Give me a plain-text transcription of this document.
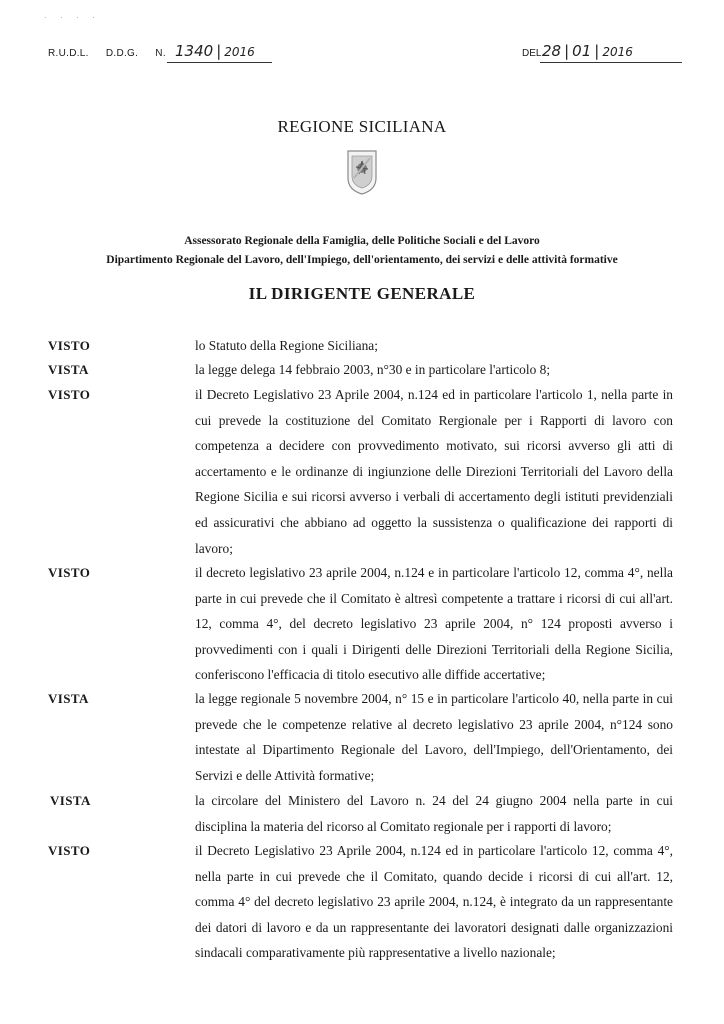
· · · ·
R.U.D.L. D.D.G. N. 1340 | 2016	DEL 28 | 01 | 2016
REGIONE SICILIANA
Assessorato Regionale della Famiglia, delle Politiche Sociali e del Lavoro
Dipartimento Regionale del Lavoro, dell'Impiego, dell'orientamento, dei servizi e delle attività formative
IL DIRIGENTE GENERALE
VISTO	lo Statuto della Regione Siciliana;
VISTA	la legge delega 14 febbraio 2003, n°30 e in particolare l'articolo 8;
VISTO	il Decreto Legislativo 23 Aprile 2004, n.124 ed in particolare l'articolo 1, nella parte in cui prevede la costituzione del Comitato Rergionale per i Rapporti di lavoro con competenza a decidere con provvedimento motivato, sui ricorsi avverso gli atti di accertamento e le ordinanze di ingiunzione delle Direzioni Territoriali del Lavoro della Regione Sicilia e sui ricorsi avverso i verbali di accertamento degli istituti previdenziali ed assicurativi che abbiano ad oggetto la sussistenza o qualificazione dei rapporti di lavoro;
VISTO	il decreto legislativo 23 aprile 2004, n.124 e in particolare l'articolo 12, comma 4°, nella parte in cui prevede che il Comitato è altresì competente a trattare i ricorsi di cui all'art. 12, comma 4°, del decreto legislativo 23 aprile 2004, n° 124 proposti avverso i provvedimenti con i quali i Dirigenti delle Direzioni Territoriali della Regione Sicilia, conferiscono l'efficacia di titolo esecutivo alle diffide accertative;
VISTA	la legge regionale 5 novembre 2004, n° 15 e in particolare l'articolo 40, nella parte in cui prevede che le competenze relative al decreto legislativo 23 aprile 2004, n°124 sono intestate al Dipartimento Regionale del Lavoro, dell'Impiego, dell'Orientamento, dei Servizi e delle Attività formative;
VISTA	la circolare del Ministero del Lavoro n. 24 del 24 giugno 2004 nella parte in cui disciplina la materia del ricorso al Comitato regionale per i rapporti di lavoro;
VISTO	il Decreto Legislativo 23 Aprile 2004, n.124 ed in particolare l'articolo 12, comma 4°, nella parte in cui prevede che il Comitato, quando decide i ricorsi di cui all'art. 12, comma 4° del decreto legislativo 23 aprile 2004, n.124, è integrato da un rappresentante dei datori di lavoro e da un rappresentante dei lavoratori designati dalle organizzazioni sindacali comparativamente più rappresentative a livello nazionale;
